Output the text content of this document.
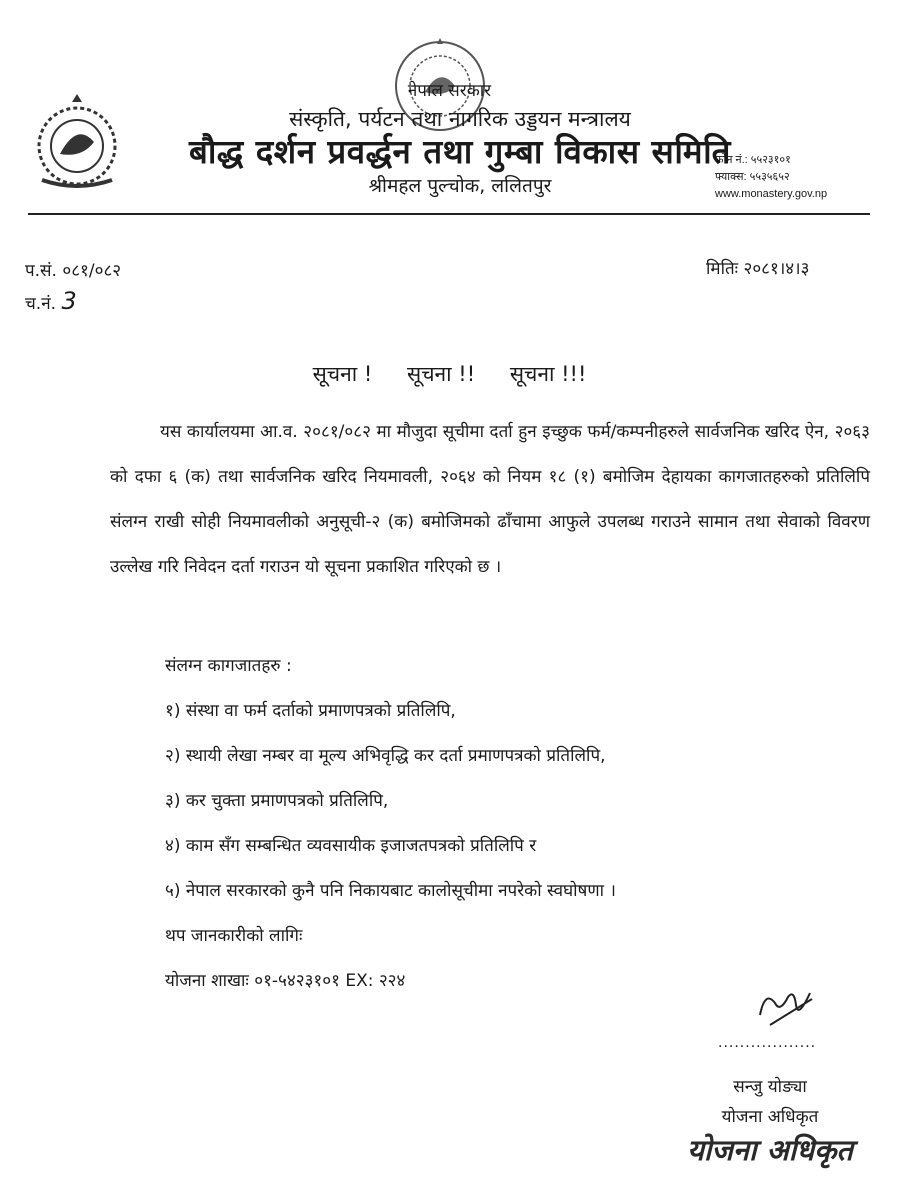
नेपाल सरकार
संस्कृति, पर्यटन तथा नागरिक उड्डयन मन्त्रालय
बौद्ध दर्शन प्रवर्द्धन तथा गुम्बा विकास समिति
श्रीमहल पुल्चोक, ललितपुर
फोन नं.: ५५२३१०१
फ्याक्स: ५५३५६५२
www.monastery.gov.np
प.सं. ०८१/०८२
च.नं. 3
मितिः २०८१।४।३
सूचना ! सूचना !! सूचना !!!
यस कार्यालयमा आ.व. २०८१/०८२ मा मौजुदा सूचीमा दर्ता हुन इच्छुक फर्म/कम्पनीहरुले सार्वजनिक खरिद ऐन, २०६३ को दफा ६ (क) तथा सार्वजनिक खरिद नियमावली, २०६४ को नियम १८ (१) बमोजिम देहायका कागजातहरुको प्रतिलिपि संलग्न राखी सोही नियमावलीको अनुसूची-२ (क) बमोजिमको ढाँचामा आफुले उपलब्ध गराउने सामान तथा सेवाको विवरण उल्लेख गरि निवेदन दर्ता गराउन यो सूचना प्रकाशित गरिएको छ ।
संलग्न कागजातहरु :
१) संस्था वा फर्म दर्ताको प्रमाणपत्रको प्रतिलिपि,
२) स्थायी लेखा नम्बर वा मूल्य अभिवृद्धि कर दर्ता प्रमाणपत्रको प्रतिलिपि,
३) कर चुक्ता प्रमाणपत्रको प्रतिलिपि,
४) काम सँग सम्बन्धित व्यवसायीक इजाजतपत्रको प्रतिलिपि र
५) नेपाल सरकारको कुनै पनि निकायबाट कालोसूचीमा नपरेको स्वघोषणा ।
थप जानकारीको लागिः
योजना शाखाः ०१-५४२३१०१ EX: २२४
..................
सन्जु योङ्या
योजना अधिकृत
योजना अधिकृत
